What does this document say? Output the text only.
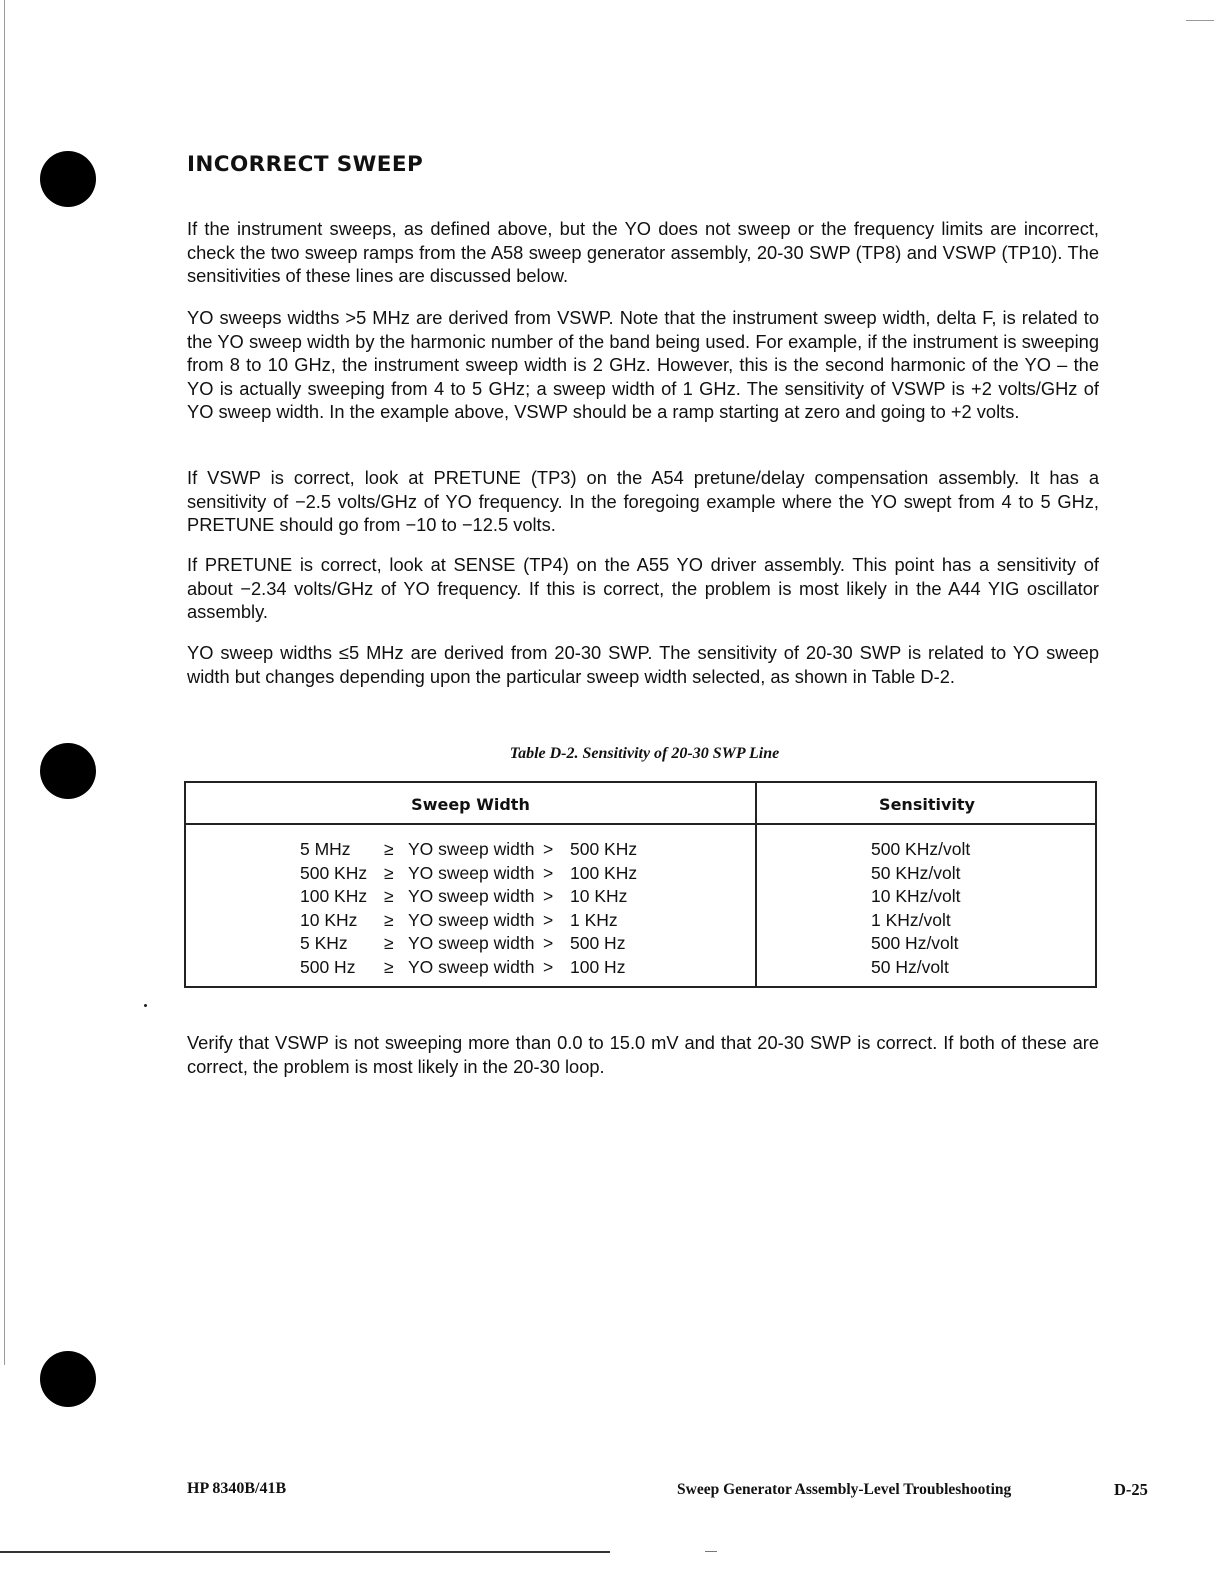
INCORRECT SWEEP

If the instrument sweeps, as defined above, but the YO does not sweep or the frequency limits are incorrect, check the two sweep ramps from the A58 sweep generator assembly, 20-30 SWP (TP8) and VSWP (TP10). The sensitivities of these lines are discussed below.

YO sweeps widths >5 MHz are derived from VSWP. Note that the instrument sweep width, delta F, is related to the YO sweep width by the harmonic number of the band being used. For example, if the instrument is sweeping from 8 to 10 GHz, the instrument sweep width is 2 GHz. However, this is the second harmonic of the YO – the YO is actually sweeping from 4 to 5 GHz; a sweep width of 1 GHz. The sensitivity of VSWP is +2 volts/GHz of YO sweep width. In the example above, VSWP should be a ramp starting at zero and going to +2 volts.

If VSWP is correct, look at PRETUNE (TP3) on the A54 pretune/delay compensation assembly. It has a sensitivity of −2.5 volts/GHz of YO frequency. In the foregoing example where the YO swept from 4 to 5 GHz, PRETUNE should go from −10 to −12.5 volts.

If PRETUNE is correct, look at SENSE (TP4) on the A55 YO driver assembly. This point has a sensitivity of about −2.34 volts/GHz of YO frequency. If this is correct, the problem is most likely in the A44 YIG oscillator assembly.

YO sweep widths ≤5 MHz are derived from 20-30 SWP. The sensitivity of 20-30 SWP is related to YO sweep width but changes depending upon the particular sweep width selected, as shown in Table D-2.

Table D-2. Sensitivity of 20-30 SWP Line

Sweep Width	Sensitivity
5 MHz ≥ YO sweep width > 500 KHz	500 KHz/volt
500 KHz ≥ YO sweep width > 100 KHz	50 KHz/volt
100 KHz ≥ YO sweep width > 10 KHz	10 KHz/volt
10 KHz ≥ YO sweep width > 1 KHz	1 KHz/volt
5 KHz ≥ YO sweep width > 500 Hz	500 Hz/volt
500 Hz ≥ YO sweep width > 100 Hz	50 Hz/volt

Verify that VSWP is not sweeping more than 0.0 to 15.0 mV and that 20-30 SWP is correct. If both of these are correct, the problem is most likely in the 20-30 loop.

HP 8340B/41B	Sweep Generator Assembly-Level Troubleshooting	D-25
